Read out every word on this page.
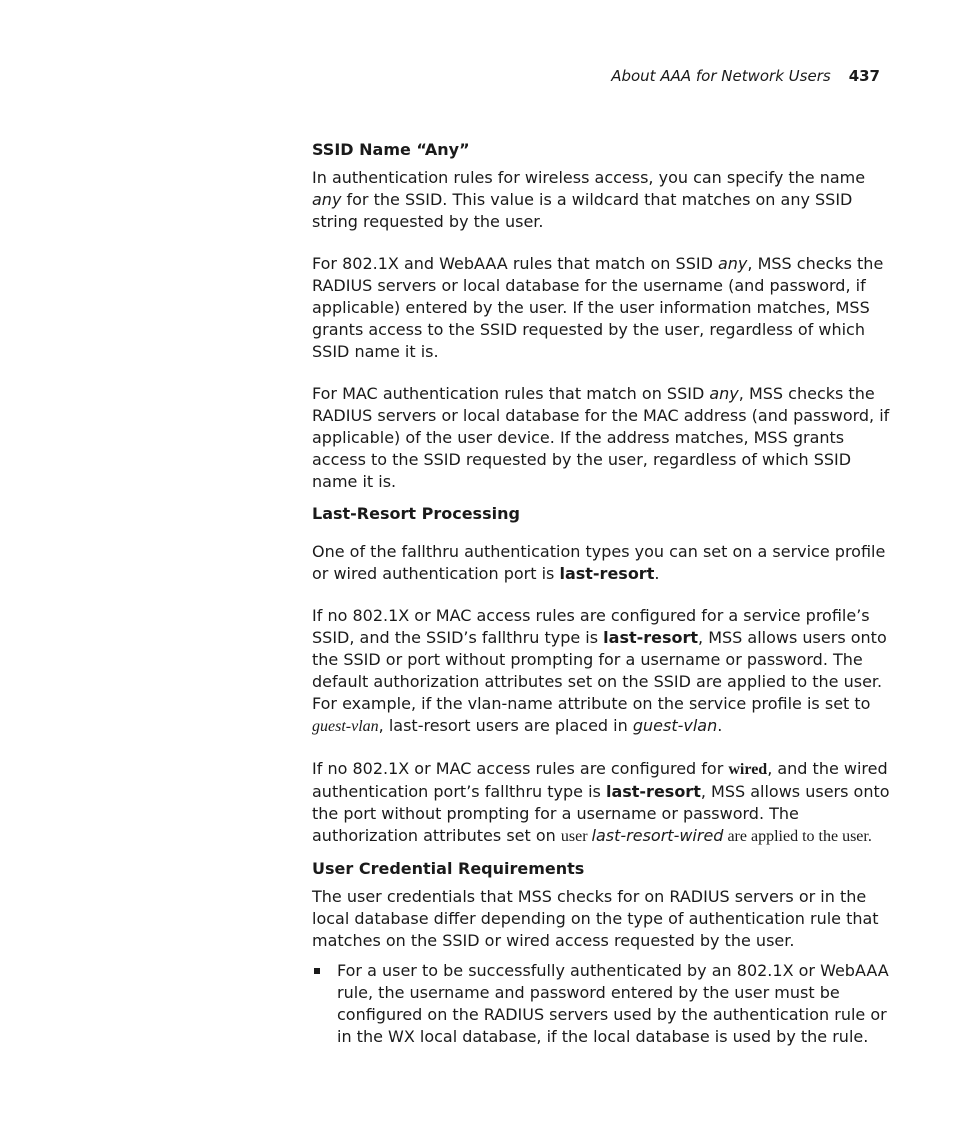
About AAA for Network Users 437
SSID Name “Any”

In authentication rules for wireless access, you can specify the name any for the SSID. This value is a wildcard that matches on any SSID string requested by the user.

For 802.1X and WebAAA rules that match on SSID any, MSS checks the RADIUS servers or local database for the username (and password, if applicable) entered by the user. If the user information matches, MSS grants access to the SSID requested by the user, regardless of which SSID name it is.

For MAC authentication rules that match on SSID any, MSS checks the RADIUS servers or local database for the MAC address (and password, if applicable) of the user device. If the address matches, MSS grants access to the SSID requested by the user, regardless of which SSID name it is.

Last-Resort Processing

One of the fallthru authentication types you can set on a service profile or wired authentication port is last-resort.

If no 802.1X or MAC access rules are configured for a service profile’s SSID, and the SSID’s fallthru type is last-resort, MSS allows users onto the SSID or port without prompting for a username or password. The default authorization attributes set on the SSID are applied to the user. For example, if the vlan-name attribute on the service profile is set to guest-vlan, last-resort users are placed in guest-vlan.

If no 802.1X or MAC access rules are configured for wired, and the wired authentication port’s fallthru type is last-resort, MSS allows users onto the port without prompting for a username or password. The authorization attributes set on user last-resort-wired are applied to the user.

User Credential Requirements

The user credentials that MSS checks for on RADIUS servers or in the local database differ depending on the type of authentication rule that matches on the SSID or wired access requested by the user.

For a user to be successfully authenticated by an 802.1X or WebAAA rule, the username and password entered by the user must be configured on the RADIUS servers used by the authentication rule or in the WX local database, if the local database is used by the rule.
